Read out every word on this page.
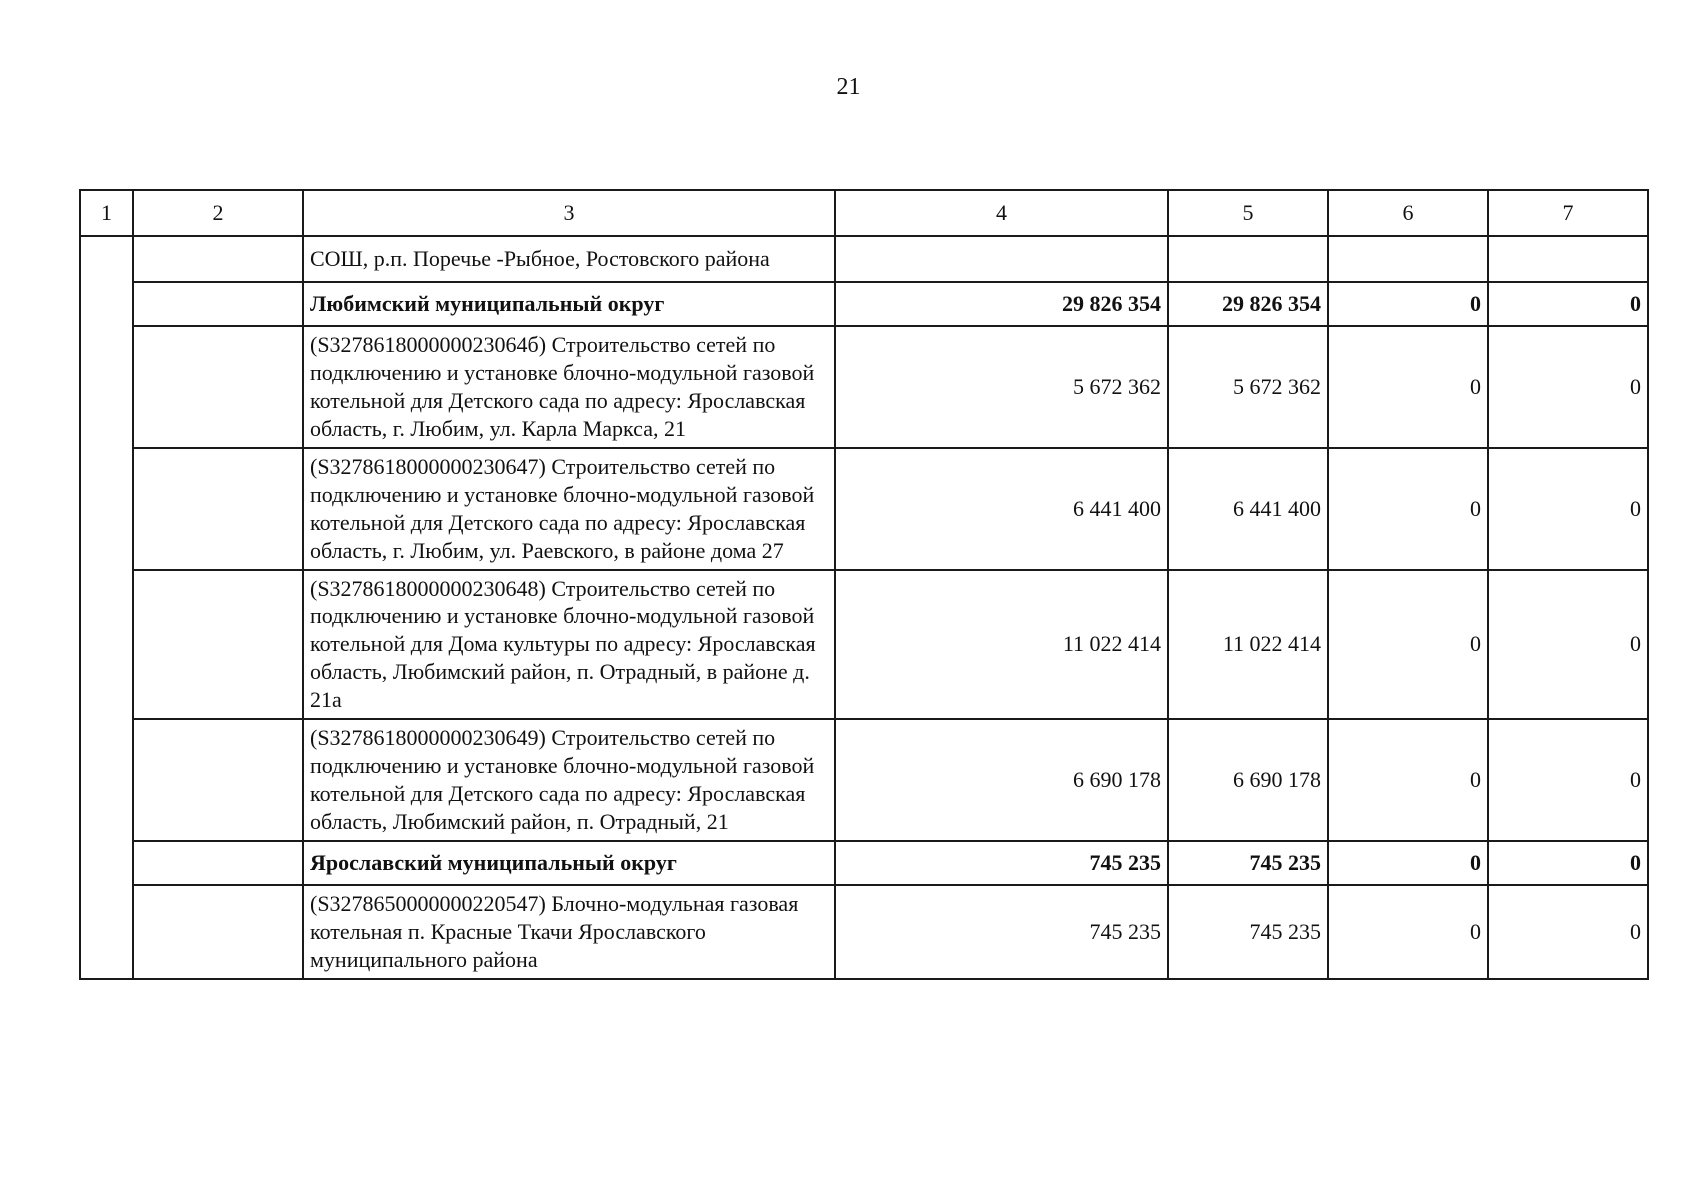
21
1	2	3	4	5	6	7
		СОШ, р.п. Поречье -Рыбное, Ростовского района				
		Любимский муниципальный округ	29 826 354	29 826 354	0	0
		(S327861800000023064б) Строительство сетей по подключению и установке блочно-модульной газовой котельной для Детского сада по адресу: Ярославская область, г. Любим, ул. Карла Маркса, 21	5 672 362	5 672 362	0	0
		(S3278618000000230647) Строительство сетей по подключению и установке блочно-модульной газовой котельной для Детского сада по адресу: Ярославская область, г. Любим, ул. Раевского, в районе дома 27	6 441 400	6 441 400	0	0
		(S3278618000000230648) Строительство сетей по подключению и установке блочно-модульной газовой котельной для Дома культуры по адресу: Ярославская область, Любимский район, п. Отрадный, в районе д. 21а	11 022 414	11 022 414	0	0
		(S3278618000000230649) Строительство сетей по подключению и установке блочно-модульной газовой котельной для Детского сада по адресу: Ярославская область, Любимский район, п. Отрадный, 21	6 690 178	6 690 178	0	0
		Ярославский муниципальный округ	745 235	745 235	0	0
		(S3278650000000220547) Блочно-модульная газовая котельная п. Красные Ткачи Ярославского муниципального района	745 235	745 235	0	0
